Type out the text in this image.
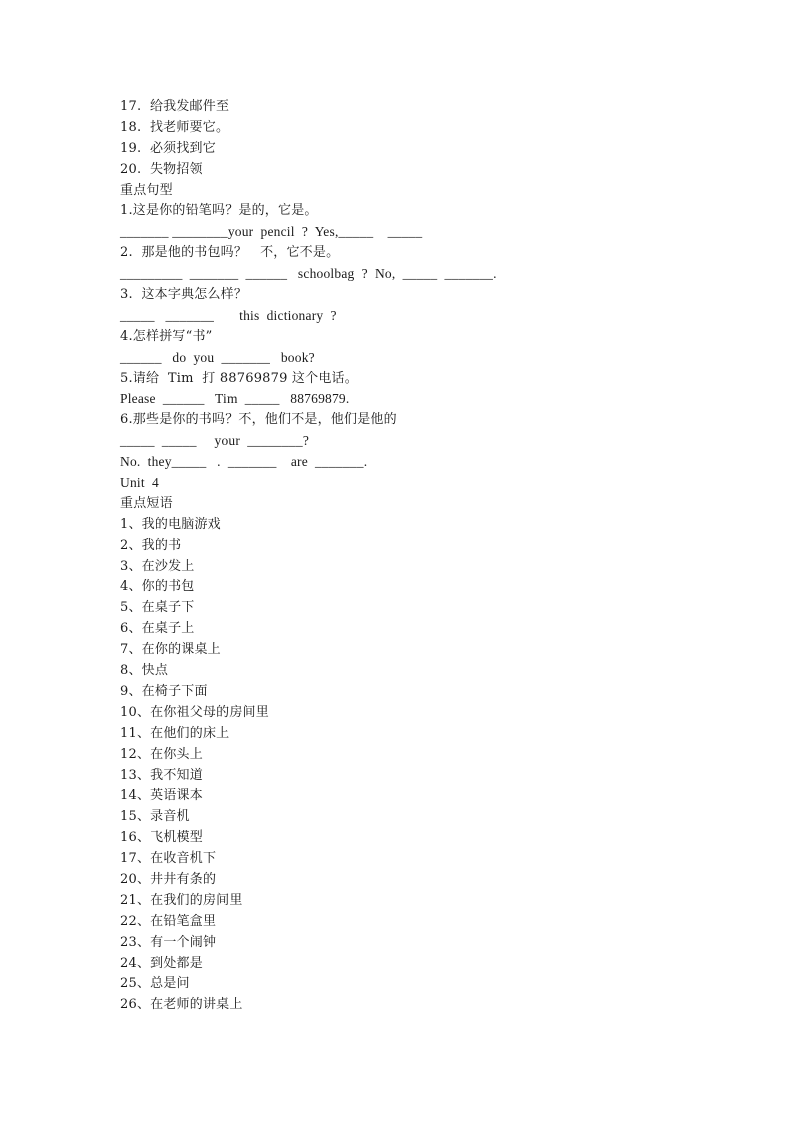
17.  给我发邮件至
18.  找老师要它。
19.  必须找到它
20.  失物招领
重点句型
1.这是你的铅笔吗？是的，它是。
_______ ________your  pencil  ?  Yes,_____    _____
2.  那是他的书包吗？   不，它不是。
_________  _______  ______   schoolbag  ?  No,  _____  _______.
3.  这本字典怎么样？
_____   _______       this  dictionary  ?
4.怎样拼写“书”
______   do  you  _______   book?
5.请给  Tim  打 88769879 这个电话。
Please  ______   Tim  _____   88769879.
6.那些是你的书吗？不，他们不是，他们是他的
_____  _____     your  ________?
No.  they_____   .  _______    are  _______.
Unit  4
重点短语
1、我的电脑游戏
2、我的书
3、在沙发上
4、你的书包
5、在桌子下
6、在桌子上
7、在你的课桌上
8、快点
9、在椅子下面
10、在你祖父母的房间里
11、在他们的床上
12、在你头上
13、我不知道
14、英语课本
15、录音机
16、飞机模型
17、在收音机下
20、井井有条的
21、在我们的房间里
22、在铅笔盒里
23、有一个闹钟
24、到处都是
25、总是问
26、在老师的讲桌上
